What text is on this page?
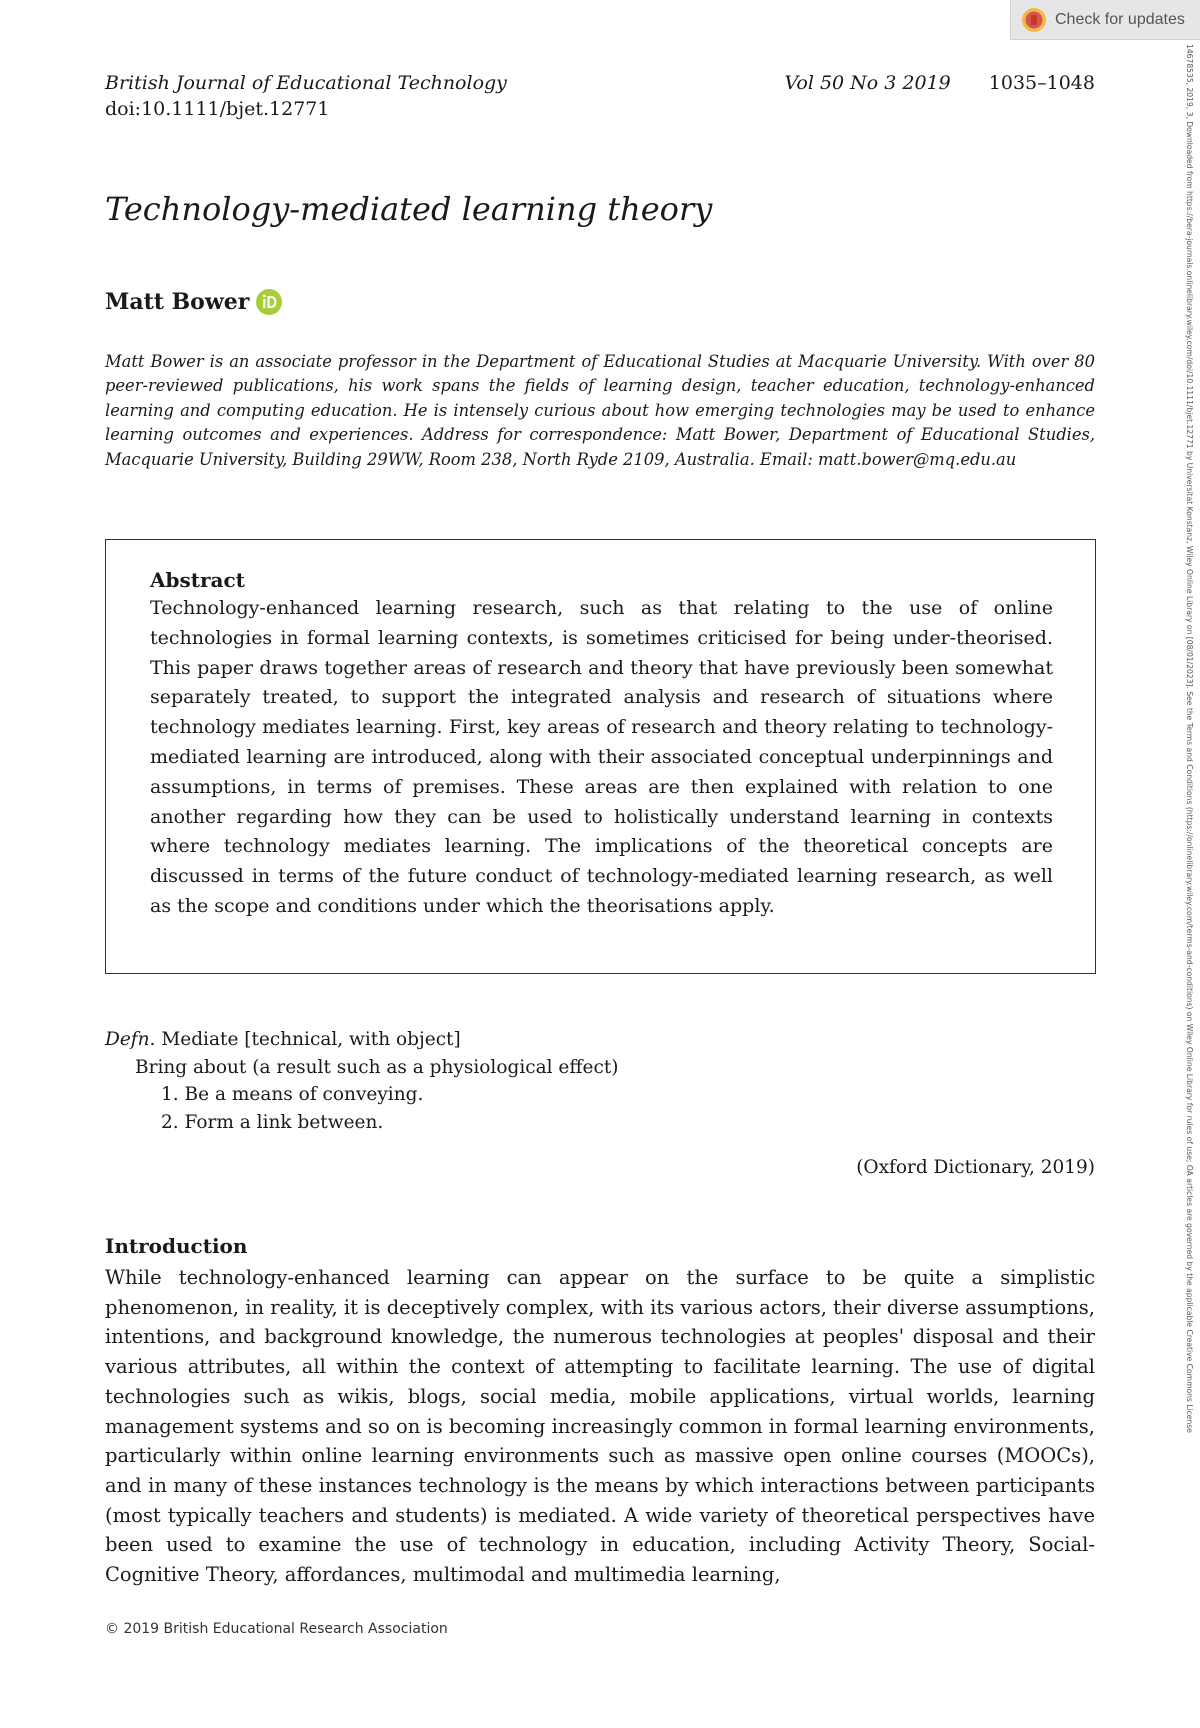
Check for updates
British Journal of Educational Technology	Vol 50 No 3 2019 1035–1048
doi:10.1111/bjet.12771
Technology-mediated learning theory
Matt Bower

Matt Bower is an associate professor in the Department of Educational Studies at Macquarie University. With over 80 peer-reviewed publications, his work spans the fields of learning design, teacher education, technology-enhanced learning and computing education. He is intensely curious about how emerging technologies may be used to enhance learning outcomes and experiences. Address for correspondence: Matt Bower, Department of Educational Studies, Macquarie University, Building 29WW, Room 238, North Ryde 2109, Australia. Email: matt.bower@mq.edu.au

Abstract

Technology-enhanced learning research, such as that relating to the use of online technologies in formal learning contexts, is sometimes criticised for being under-theorised. This paper draws together areas of research and theory that have previously been somewhat separately treated, to support the integrated analysis and research of situations where technology mediates learning. First, key areas of research and theory relating to technology-mediated learning are introduced, along with their associated conceptual underpinnings and assumptions, in terms of premises. These areas are then explained with relation to one another regarding how they can be used to holistically understand learning in contexts where technology mediates learning. The implications of the theoretical concepts are discussed in terms of the future conduct of technology-mediated learning research, as well as the scope and conditions under which the theorisations apply.

Defn. Mediate [technical, with object]
Bring about (a result such as a physiological effect)
1. Be a means of conveying.
2. Form a link between.
(Oxford Dictionary, 2019)
Introduction

While technology-enhanced learning can appear on the surface to be quite a simplistic phenomenon, in reality, it is deceptively complex, with its various actors, their diverse assumptions, intentions, and background knowledge, the numerous technologies at peoples' disposal and their various attributes, all within the context of attempting to facilitate learning. The use of digital technologies such as wikis, blogs, social media, mobile applications, virtual worlds, learning management systems and so on is becoming increasingly common in formal learning environments, particularly within online learning environments such as massive open online courses (MOOCs), and in many of these instances technology is the means by which interactions between participants (most typically teachers and students) is mediated. A wide variety of theoretical perspectives have been used to examine the use of technology in education, including Activity Theory, Social-Cognitive Theory, affordances, multimodal and multimedia learning,

© 2019 British Educational Research Association
14678535, 2019, 3, Downloaded from https://bera-journals.onlinelibrary.wiley.com/doi/10.1111/bjet.12771 by Universitat Konstanz, Wiley Online Library on [08/01/2023]. See the Terms and Conditions (https://onlinelibrary.wiley.com/terms-and-conditions) on Wiley Online Library for rules of use; OA articles are governed by the applicable Creative Commons License
